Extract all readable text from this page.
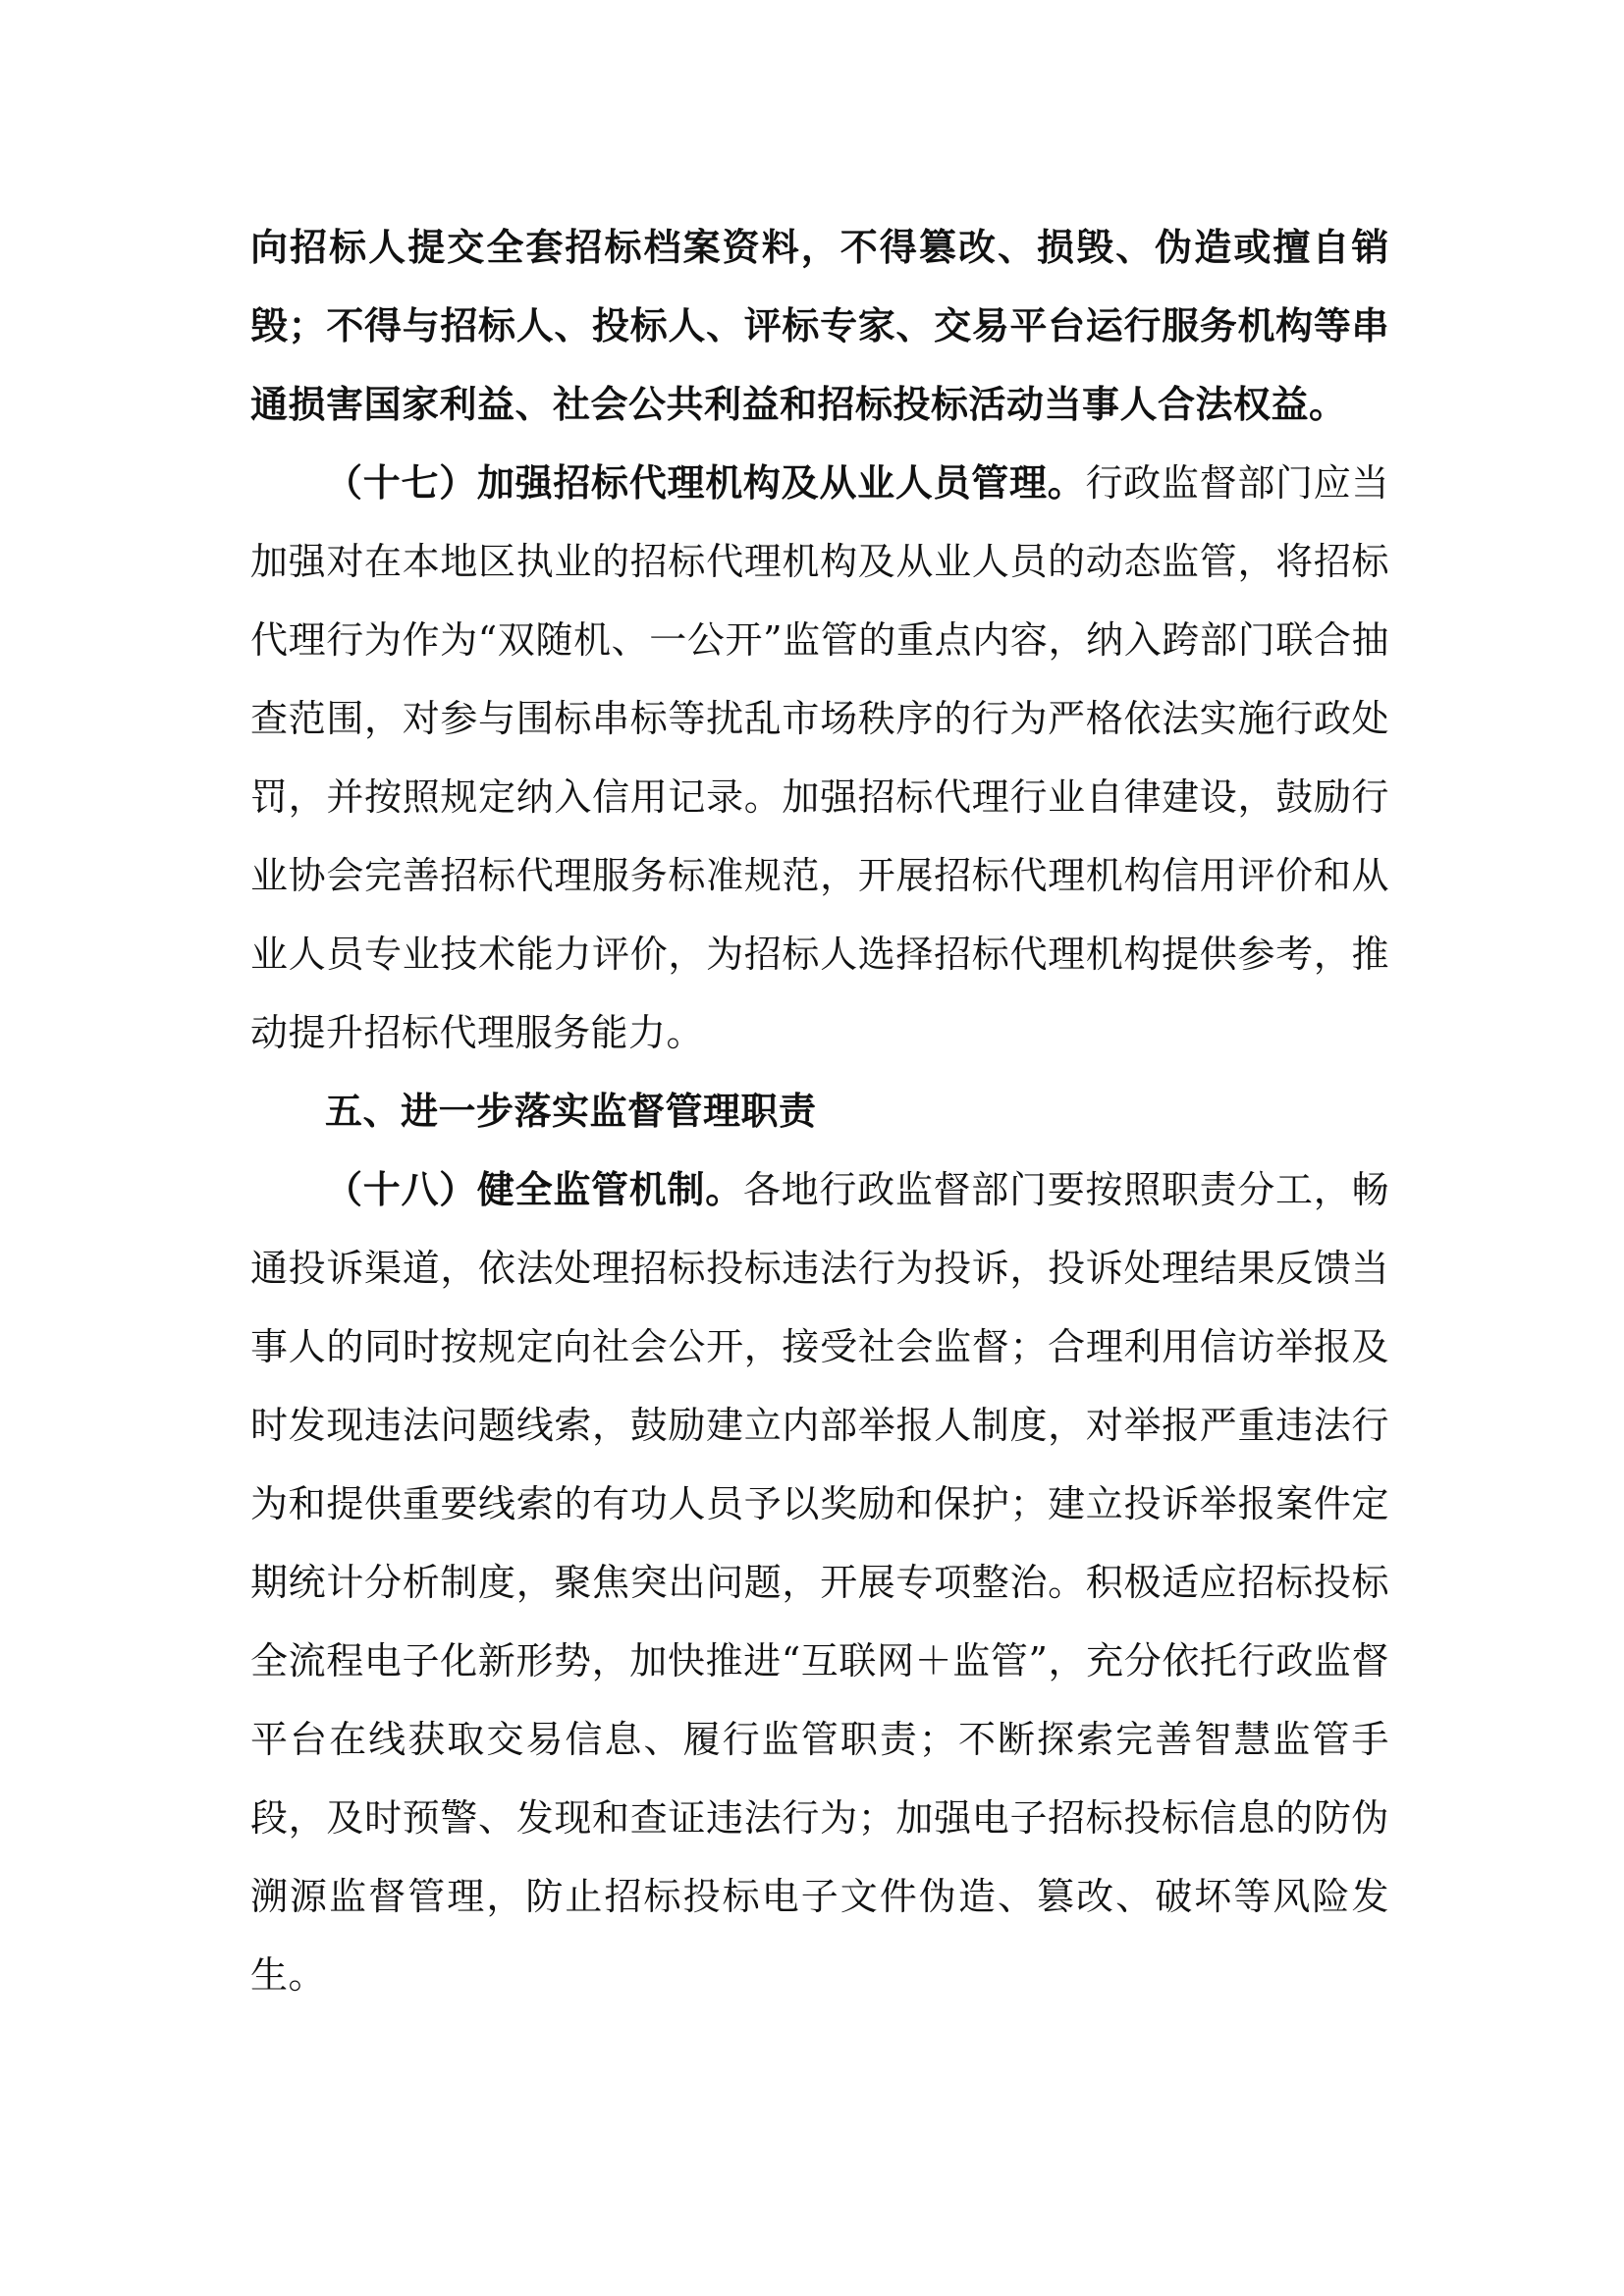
向招标人提交全套招标档案资料，不得篡改、损毁、伪造或擅自销毁；不得与招标人、投标人、评标专家、交易平台运行服务机构等串通损害国家利益、社会公共利益和招标投标活动当事人合法权益。

（十七）加强招标代理机构及从业人员管理。行政监督部门应当加强对在本地区执业的招标代理机构及从业人员的动态监管，将招标代理行为作为“双随机、一公开”监管的重点内容，纳入跨部门联合抽查范围，对参与围标串标等扰乱市场秩序的行为严格依法实施行政处罚，并按照规定纳入信用记录。加强招标代理行业自律建设，鼓励行业协会完善招标代理服务标准规范，开展招标代理机构信用评价和从业人员专业技术能力评价，为招标人选择招标代理机构提供参考，推动提升招标代理服务能力。

五、进一步落实监督管理职责

（十八）健全监管机制。各地行政监督部门要按照职责分工，畅通投诉渠道，依法处理招标投标违法行为投诉，投诉处理结果反馈当事人的同时按规定向社会公开，接受社会监督；合理利用信访举报及时发现违法问题线索，鼓励建立内部举报人制度，对举报严重违法行为和提供重要线索的有功人员予以奖励和保护；建立投诉举报案件定期统计分析制度，聚焦突出问题，开展专项整治。积极适应招标投标全流程电子化新形势，加快推进“互联网＋监管”，充分依托行政监督平台在线获取交易信息、履行监管职责；不断探索完善智慧监管手段，及时预警、发现和查证违法行为；加强电子招标投标信息的防伪溯源监督管理，防止招标投标电子文件伪造、篡改、破坏等风险发生。
